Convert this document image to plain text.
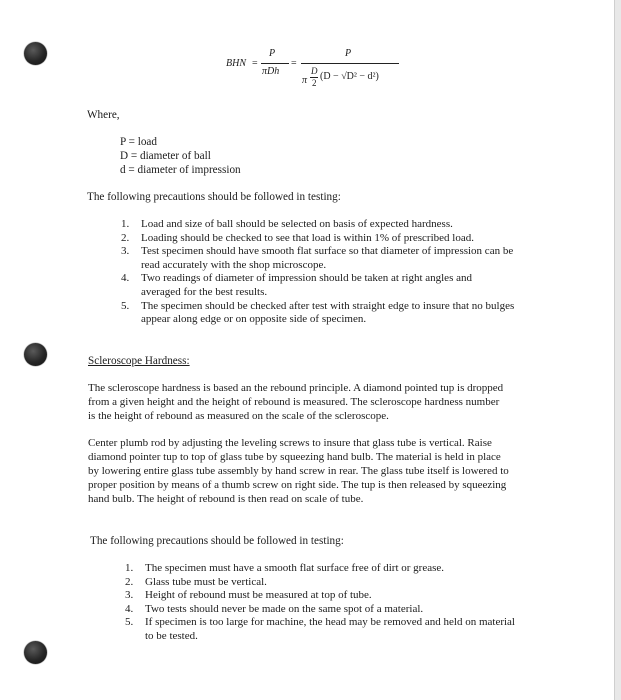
BHN =
P
πDh
=
P
π
D
2
(D − √D² − d²)
Where,
P = load
D = diameter of ball
d = diameter of impression
The following precautions should be followed in testing:
1. Load and size of ball should be selected on basis of expected hardness.
2. Loading should be checked to see that load is within 1% of prescribed load.
3. Test specimen should have smooth flat surface so that diameter of impression can be
read accurately with the shop microscope.
4. Two readings of diameter of impression should be taken at right angles and
averaged for the best results.
5. The specimen should be checked after test with straight edge to insure that no bulges
appear along edge or on opposite side of specimen.
Scleroscope Hardness:
The scleroscope hardness is based an the rebound principle. A diamond pointed tup is dropped
from a given height and the height of rebound is measured. The scleroscope hardness number
is the height of rebound as measured on the scale of the scleroscope.
Center plumb rod by adjusting the leveling screws to insure that glass tube is vertical. Raise
diamond pointer tup to top of glass tube by squeezing hand bulb. The material is held in place
by lowering entire glass tube assembly by hand screw in rear. The glass tube itself is lowered to
proper position by means of a thumb screw on right side. The tup is then released by squeezing
hand bulb. The height of rebound is then read on scale of tube.
The following precautions should be followed in testing:
1. The specimen must have a smooth flat surface free of dirt or grease.
2. Glass tube must be vertical.
3. Height of rebound must be measured at top of tube.
4. Two tests should never be made on the same spot of a material.
5. If specimen is too large for machine, the head may be removed and held on material
to be tested.
